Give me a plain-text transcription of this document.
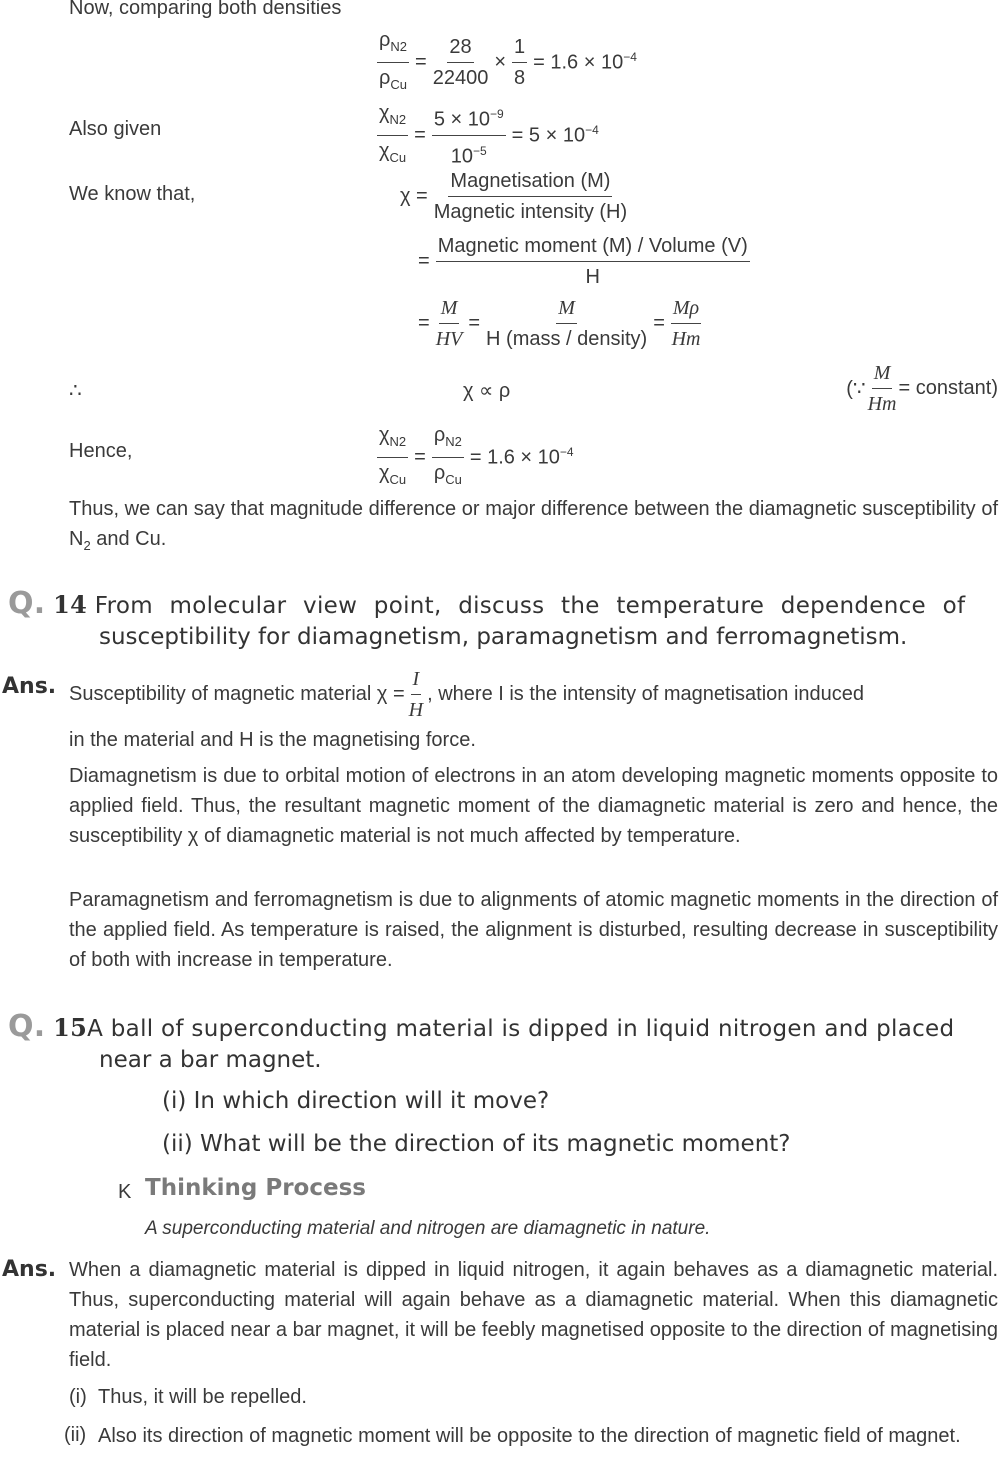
Now, comparing both densities
$\frac{\rho_{N2}}{\rho_{Cu}} = \frac{28}{22400} \times \frac{1}{8} = 1.6 \times 10^{-4}$
Also given	$\frac{\chi_{N2}}{\chi_{Cu}} = \frac{5 \times 10^{-9}}{10^{-5}} = 5 \times 10^{-4}$
We know that,	$\chi = \frac{\text{Magnetisation (M)}}{\text{Magnetic intensity (H)}}$
= $\frac{\text{Magnetic moment (M) / Volume (V)}}{H}$
= $\frac{M}{HV} = \frac{M}{\text{H (mass / density)}} = \frac{M\rho}{Hm}$
∴	χ ∝ ρ	(∵ $\frac{M}{Hm}$ = constant)
Hence,	$\frac{\chi_{N2}}{\chi_{Cu}} = \frac{\rho_{N2}}{\rho_{Cu}} = 1.6 \times 10^{-4}$
Thus, we can say that magnitude difference or major difference between the diamagnetic susceptibility of $N_2$ and Cu.
Q. 14 From molecular view point, discuss the temperature dependence of
susceptibility for diamagnetism, paramagnetism and ferromagnetism.
Ans. Susceptibility of magnetic material $\chi = \frac{I}{H}$ , where I is the intensity of magnetisation induced
in the material and H is the magnetising force.
Diamagnetism is due to orbital motion of electrons in an atom developing magnetic moments opposite to applied field. Thus, the resultant magnetic moment of the diamagnetic material is zero and hence, the susceptibility χ of diamagnetic material is not much affected by temperature.
Paramagnetism and ferromagnetism is due to alignments of atomic magnetic moments in the direction of the applied field. As temperature is raised, the alignment is disturbed, resulting decrease in susceptibility of both with increase in temperature.
Q. 15A ball of superconducting material is dipped in liquid nitrogen and placed
near a bar magnet.
(i) In which direction will it move?
(ii) What will be the direction of its magnetic moment?
K Thinking Process
A superconducting material and nitrogen are diamagnetic in nature.
Ans. When a diamagnetic material is dipped in liquid nitrogen, it again behaves as a diamagnetic material. Thus, superconducting material will again behave as a diamagnetic material. When this diamagnetic material is placed near a bar magnet, it will be feebly magnetised opposite to the direction of magnetising field.
(i) Thus, it will be repelled.
(ii) Also its direction of magnetic moment will be opposite to the direction of magnetic field of magnet.
